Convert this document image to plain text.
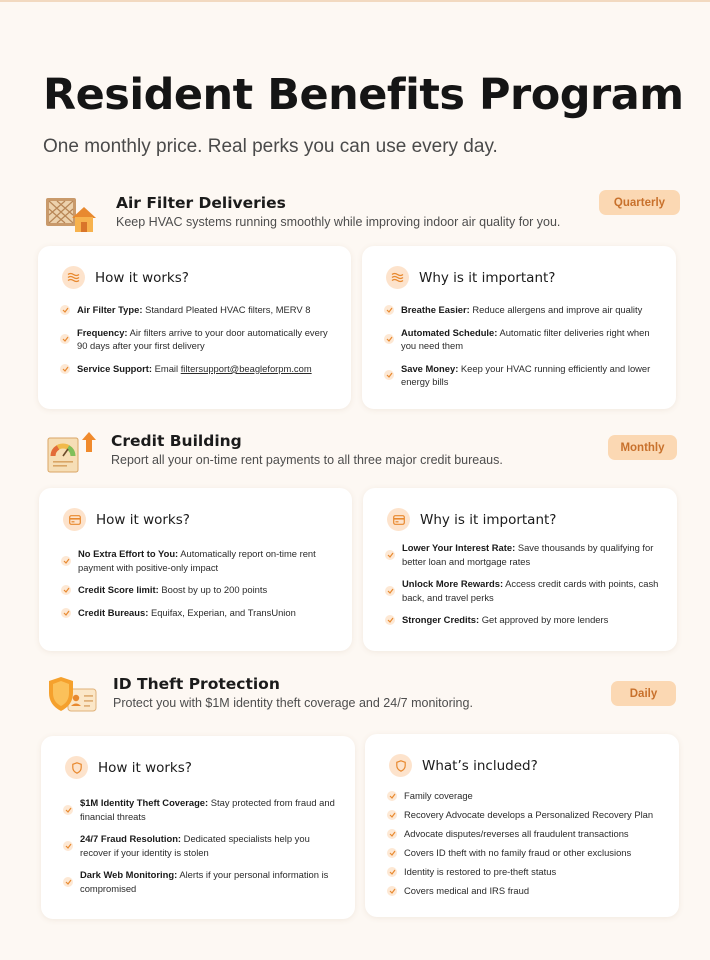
Resident Benefits Program

One monthly price. Real perks you can use every day.

Air Filter Deliveries

Keep HVAC systems running smoothly while improving indoor air quality for you.

Quarterly
How it works?
Air Filter Type: Standard Pleated HVAC filters, MERV 8
Frequency: Air filters arrive to your door automatically every 90 days after your first delivery
Service Support: Email filtersupport@beagleforpm.com
Why is it important?
Breathe Easier: Reduce allergens and improve air quality
Automated Schedule: Automatic filter deliveries right when you need them
Save Money: Keep your HVAC running efficiently and lower energy bills
Credit Building

Report all your on-time rent payments to all three major credit bureaus.

Monthly
How it works?
No Extra Effort to You: Automatically report on-time rent payment with positive-only impact
Credit Score limit: Boost by up to 200 points
Credit Bureaus: Equifax, Experian, and TransUnion
Why is it important?
Lower Your Interest Rate: Save thousands by qualifying for better loan and mortgage rates
Unlock More Rewards: Access credit cards with points, cash back, and travel perks
Stronger Credits: Get approved by more lenders
ID Theft Protection

Protect you with $1M identity theft coverage and 24/7 monitoring.

Daily
How it works?
$1M Identity Theft Coverage: Stay protected from fraud and financial threats
24/7 Fraud Resolution: Dedicated specialists help you recover if your identity is stolen
Dark Web Monitoring: Alerts if your personal information is compromised
What’s included?
Family coverage
Recovery Advocate develops a Personalized Recovery Plan
Advocate disputes/reverses all fraudulent transactions
Covers ID theft with no family fraud or other exclusions
Identity is restored to pre-theft status
Covers medical and IRS fraud
